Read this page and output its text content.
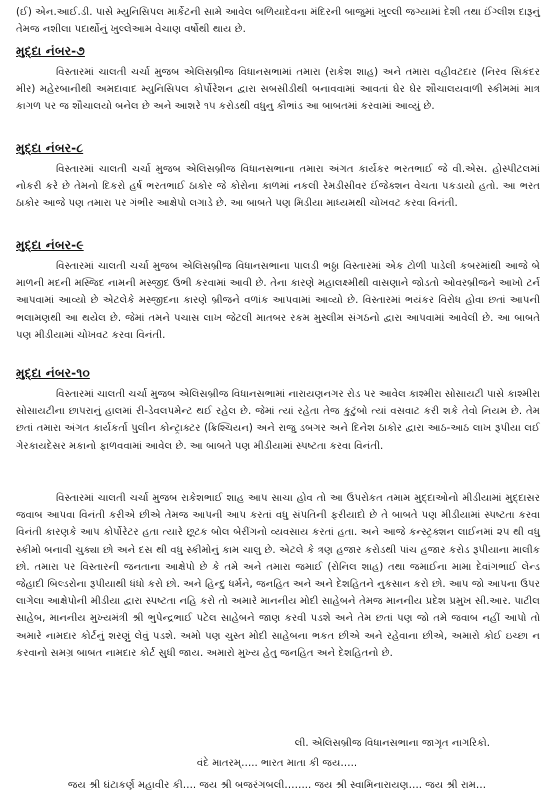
(ઈ) એન.આઈ.ડી. પાસે મ્યુનિસિપલ માર્કેટની સામે આવેલ બળિયાદેવના મંદિરની બાજુમાં ખુલ્લી જગ્યામાં દેશી તથા ઈંગ્લીશ દારૂનું તેમજ નશીલા પદાર્થોનું ખુલ્લેઆમ વેચાણ વર્ષોથી થાય છે.

મુદ્દા નંબર-૭

વિસ્તારમાં ચાલતી ચર્ચા મુજબ એલિસબ્રીજ વિધાનસભામાં તમારા (રાકેશ શાહ) અને તમારા વહીવટદાર (નિરવ સિકંદર મીર) મહેરબાનીથી અમદાવાદ મ્યુનિસિપલ કોર્પોરેશન દ્વારા સબસીડીથી બનાવવામાં આવતાં ઘેર ઘેર શૌચાલયવાળી સ્કીમમાં માત્ર કાગળ પર જ શૌચાલયો બનેલ છે અને આશરે ૧૫ કરોડથી વધુનુ કૌભાંડ આ બાબતમાં કરવામાં આવ્યું છે.

મુદ્દા નંબર-૮

વિસ્તારમાં ચાલતી ચર્ચા મુજબ એલિસબ્રીજ વિધાનસભાના તમારા અંગત કાર્યકર ભરતભાઈ જે વી.એસ. હોસ્પીટલમાં નોકરી કરે છે તેમનો દિકરો હર્ષ ભરતભાઈ ઠાકોર જે કોરોના કાળમાં નકલી રેમડીસીવર ઈંજેક્શન વેચતા પકડાયો હતો. આ ભરત ઠાકોર આજે પણ તમારા પર ગંભીર આક્ષેપો લગાડે છે. આ બાબતે પણ મિડીયા માધ્યમથી ચોખવટ કરવા વિનંતી.

મુદ્દા નંબર-૯

વિસ્તારમાં ચાલતી ચર્ચા મુજબ એલિસબ્રીજ વિધાનસભાના પાલડી ભઠ્ઠા વિસ્તારમાં એક ટોળી પાડેલી કબરમાંથી આજે બે માળની મદની મસ્જિદ નામની મસ્જીદ ઉભી કરવામાં આવી છે. તેના કારણે મહાલક્ષ્મીથી વાસણાને જોડતો ઓવરબ્રીજને આખો ટર્ન આપવામાં આવ્યો છે એટલેકે મસ્જીદના કારણે બ્રીજને વળાંક આપવામાં આવ્યો છે. વિસ્તારમાં ભયંકર વિરોધ હોવા છતાં આપની ભલામણથી આ થયેલ છે. જેમાં તમને પચાસ લાખ જેટલી માતબર રકમ મુસ્લીમ સંગઠનો દ્વારા આપવામાં આવેલી છે. આ બાબતે પણ મીડીયામાં ચોખવટ કરવા વિનંતી.

મુદ્દા નંબર-૧૦

વિસ્તારમાં ચાલતી ચર્ચા મુજબ એલિસબ્રીજ વિધાનસભામાં નારાયણનગર રોડ પર આવેલ કાશ્મીરા સોસાયટી પાસે કાશ્મીરા સોસાયટીના છાપરાનું હાલમાં રી-ડેવલપમેન્ટ થઈ રહેલ છે. જેમાં ત્યાં રહેતા તેજ કુટુંબો ત્યાં વસવાટ કરી શકે તેવો નિયમ છે. તેમ છતાં તમારા અંગત કાર્યકર્તા પુલીન કોન્ટ્રાક્ટર (ક્રિશ્ચિયન) અને રાજુ ડબગર અને દિનેશ ઠાકોર દ્વારા આઠ-આઠ લાખ રૂપીયા લઈ ગેરકાયદેસર મકાનો ફાળવવામાં આવેલ છે. આ બાબતે પણ મીડીયામાં સ્પષ્ટતા કરવા વિનંતી.

વિસ્તારમાં ચાલતી ચર્ચા મુજબ રાકેશભાઈ શાહ આપ સાચા હોવ તો આ ઉપરોકત તમામ મુદ્દાઓનો મીડીયામાં મુદ્દાસર જવાબ આપવા વિનંતી કરીએ છીએ તેમજ આપની આપ કરતાં વધુ સંપતિની ફરીયાદો છે તે બાબતે પણ મીડીયામાં સ્પષ્ટતા કરવા વિનંતી કારણકે આપ કોર્પોરેટર હતા ત્યારે છૂટક બોલ બેરીંગનો વ્યવસાય કરતાં હતા. અને આજે કન્સ્ટ્રક્શન લાઈનમાં ૨૫ થી વધુ સ્કીમો બનાવી ચુક્યા છો અને દસ થી વધુ સ્કીમોનું કામ ચાલુ છે. એટલે કે ત્રણ હજાર કરોડથી પાંચ હજાર કરોડ રૂપીયાના માલીક છો. તમારા પર વિસ્તારની જનતાના આક્ષેપો છે કે તમે અને તમારા જમાઈ (રોનિલ શાહ) તથા જમાઈના મામા દેવાંગભાઈ લેન્ડ જેહાદી બિલ્ડરોના રૂપીયાથી ધંધો કરો છો. અને હિન્દુ ધર્મને, જનહિત અને અને દેશહિતને નુકસાન કરો છો. આપ જો આપના ઉપર લાગેલા આક્ષેપોની મીડીયા દ્વારા સ્પષ્ટતા નહિ કરો તો અમારે માનનીય મોદી સાહેબને તેમજ માનનીય પ્રદેશ પ્રમુખ સી.આર. પાટીલ સાહેબ, માનનીય મુખ્યમંત્રી શ્રી ભુપેન્દ્રભાઈ પટેલ સાહેબને જાણ કરવી પડશે અને તેમ છતાં પણ જો તમે જવાબ નહીં આપો તો અમારે નામદાર કોર્ટનું શરણું લેવું પડશે. અમો પણ ચુસ્ત મોદી સાહેબના ભકત છીએ અને રહેવાના છીએ, અમારો કોઈ ઇચ્છા ન કરવાનો સમગ્ર બાબત નામદાર કોર્ટ સુધી જાય. અમારો મુખ્ય હેતુ જનહિત અને દેશહિતનો છે.

લી. એલિસબ્રીજ વિધાનસભાના જાગૃત નાગરિકો.
વંદે માતરમ્….. ભારત માતા કી જય…..
જય શ્રી ઘંટાકર્ણ મહાવીર કી…. જય શ્રી બજરંગબલી…….. જય શ્રી સ્વામિનારાયણ…. જય શ્રી રામ…
